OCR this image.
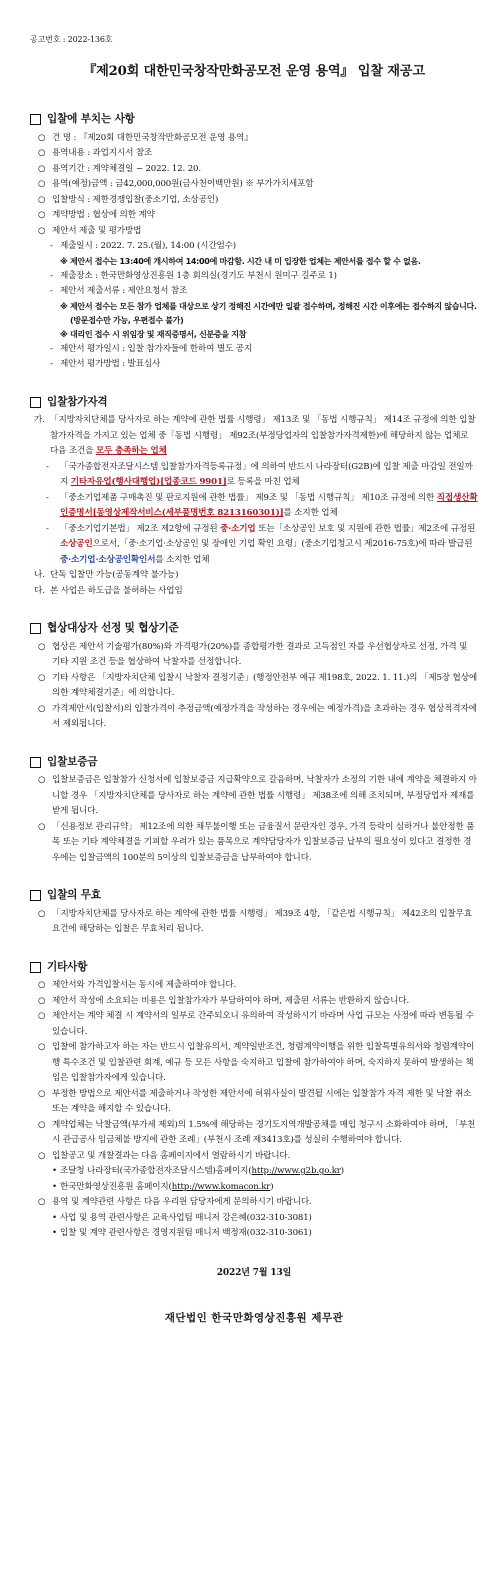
공고번호 : 2022-136호
『제20회 대한민국창작만화공모전 운영 용역』 입찰 재공고
입찰에 부치는 사항
○ 건 명 : 『제20회 대한민국창작만화공모전 운영 용역』
○ 용역내용 : 과업지시서 참조
○ 용역기간 : 계약체결일 ~ 2022. 12. 20.
○ 용역(예정)금액 : 금42,000,000원(금사천이백만원) ※ 부가가치세포함
○ 입찰방식 : 제한경쟁입찰(중소기업, 소상공인)
○ 계약방법 : 협상에 의한 계약
○ 제안서 제출 및 평가방법
- 제출일시 : 2022. 7. 25.(월), 14:00 (시간엄수)
※ 제안서 접수는 13:40에 개시하여 14:00에 마감함. 시간 내 미 입장한 업체는 제안서를 접수 할 수 없음.
- 제출장소 : 한국만화영상진흥원 1층 회의실(경기도 부천시 원미구 길주로 1)
- 제안서 제출서류 : 제안요청서 참조
※ 제안서 접수는 모든 참가 업체를 대상으로 상기 정해진 시간에만 일괄 접수하며, 정해진 시간 이후에는 접수하지 않습니다. (방문접수만 가능, 우편접수 불가)
※ 대리인 접수 시 위임장 및 재직증명서, 신분증을 지참
- 제안서 평가일시 : 입찰 참가자들에 한하여 별도 공지
- 제안서 평가방법 : 발표심사
입찰참가자격
가. 「지방자치단체를 당사자로 하는 계약에 관한 법률 시행령」 제13조 및 「동법 시행규칙」 제14조 규정에 의한 입찰참가자격을 가지고 있는 업체 중「동법 시행령」 제92조(부정당업자의 입찰참가자격제한)에 해당하지 않는 업체로 다음 조건을 모두 충족하는 업체
- 「국가종합전자조달시스템 입찰참가자격등록규정」에 의하여 반드시 나라장터(G2B)에 입찰 제출 마감일 전일까지 기타자유업(행사대행업)[업종코드 9901]로 등록을 마친 업체
- 「중소기업제품 구매촉진 및 판로지원에 관한 법률」 제9조 및 「동법 시행규칙」 제10조 규정에 의한 직접생산확인증명서[동영상제작서비스(세부품명번호 8213160301)]를 소지한 업체
- 「중소기업기본법」 제2조 제2항에 규정된 중·소기업 또는「소상공인 보호 및 지원에 관한 법률」제2조에 규정된 소상공인으로서,「중·소기업·소상공인 및 장애인 기업 확인 요령」(중소기업청고시 제2016-75호)에 따라 발급된 중·소기업·소상공인확인서를 소지한 업체
나. 단독 입찰만 가능(공동계약 불가능)
다. 본 사업은 하도급을 불허하는 사업임
협상대상자 선정 및 협상기준
○ 협상은 제안서 기술평가(80%)와 가격평가(20%)를 종합평가한 결과로 고득점인 자를 우선협상자로 선정, 가격 및 기타 지원 조건 등을 협상하여 낙찰자를 선정합니다.
○ 기타 사항은 「지방자치단체 입찰시 낙찰자 결정기준」(행정안전부 예규 제198호, 2022. 1. 11.)의 「제5장 협상에 의한 계약체결기준」에 의합니다.
○ 가격제안서(입찰서)의 입찰가격이 추정금액(예정가격을 작성하는 경우에는 예정가격)을 초과하는 경우 협상적격자에서 제외됩니다.
입찰보증금
○ 입찰보증금은 입찰참가 신청서에 입찰보증금 지급확약으로 갈음하며, 낙찰자가 소정의 기한 내에 계약을 체결하지 아니할 경우 「지방자치단체를 당사자로 하는 계약에 관한 법률 시행령」 제38조에 의해 조치되며, 부정당업자 제재를 받게 됩니다.
○ 「신용정보 관리규약」 제12조에 의한 채무불이행 또는 금융질서 문란자인 경우, 가격 등락이 심하거나 불안정한 품목 또는 기타 계약체결을 기피할 우려가 있는 품목으로 계약담당자가 입찰보증금 납부의 필요성이 있다고 결정한 경우에는 입찰금액의 100분의 5이상의 입찰보증금을 납부하여야 합니다.
입찰의 무효
○ 「지방자치단체를 당사자로 하는 계약에 관한 법률 시행령」 제39조 4항, 「같은법 시행규칙」 제42조의 입찰무효 요건에 해당하는 입찰은 무효처리 됩니다.
기타사항
○ 제안서와 가격입찰서는 동시에 제출하여야 합니다.
○ 제안서 작성에 소요되는 비용은 입찰참가자가 부담하여야 하며, 제출된 서류는 반환하지 않습니다.
○ 제안서는 계약 체결 시 계약서의 일부로 간주되오니 유의하여 작성하시기 바라며 사업 규모는 사정에 따라 변동될 수 있습니다.
○ 입찰에 참가하고자 하는 자는 반드시 입찰유의서, 계약일반조건, 청렴계약이행을 위한 입찰특별유의서와 청렴계약이행 특수조건 및 입찰관련 회계, 예규 등 모든 사항을 숙지하고 입찰에 참가하여야 하며, 숙지하지 못하여 발생하는 책임은 입찰참가자에게 있습니다.
○ 부정한 방법으로 제안서를 제출하거나 작성한 제안서에 허위사실이 발견될 시에는 입찰참가 자격 제한 및 낙찰 취소 또는 계약을 해지할 수 있습니다.
○ 계약업체는 낙찰금액(부가세 제외)의 1.5%에 해당하는 경기도지역개발공채를 매입 청구시 소화하여야 하며, 「부천시 관급공사 임금체불 방지에 관한 조례」(부천시 조례 제3413호)를 성실히 수행하여야 합니다.
○ 입찰공고 및 개찰결과는 다음 홈페이지에서 열람하시기 바랍니다.
• 조달청 나라장터(국가종합전자조달시스템)홈페이지(http://www.g2b.go.kr)
• 한국만화영상진흥원 홈페이지(http://www.komacon.kr)
○ 용역 및 계약관련 사항은 다음 우리원 담당자에게 문의하시기 바랍니다.
• 사업 및 용역 관련사항은 교육사업팀 매니저 강은혜(032-310-3081)
• 입찰 및 계약 관련사항은 경영지원팀 매니저 백정재(032-310-3061)
2022년 7월 13일
재단법인 한국만화영상진흥원 제무관
